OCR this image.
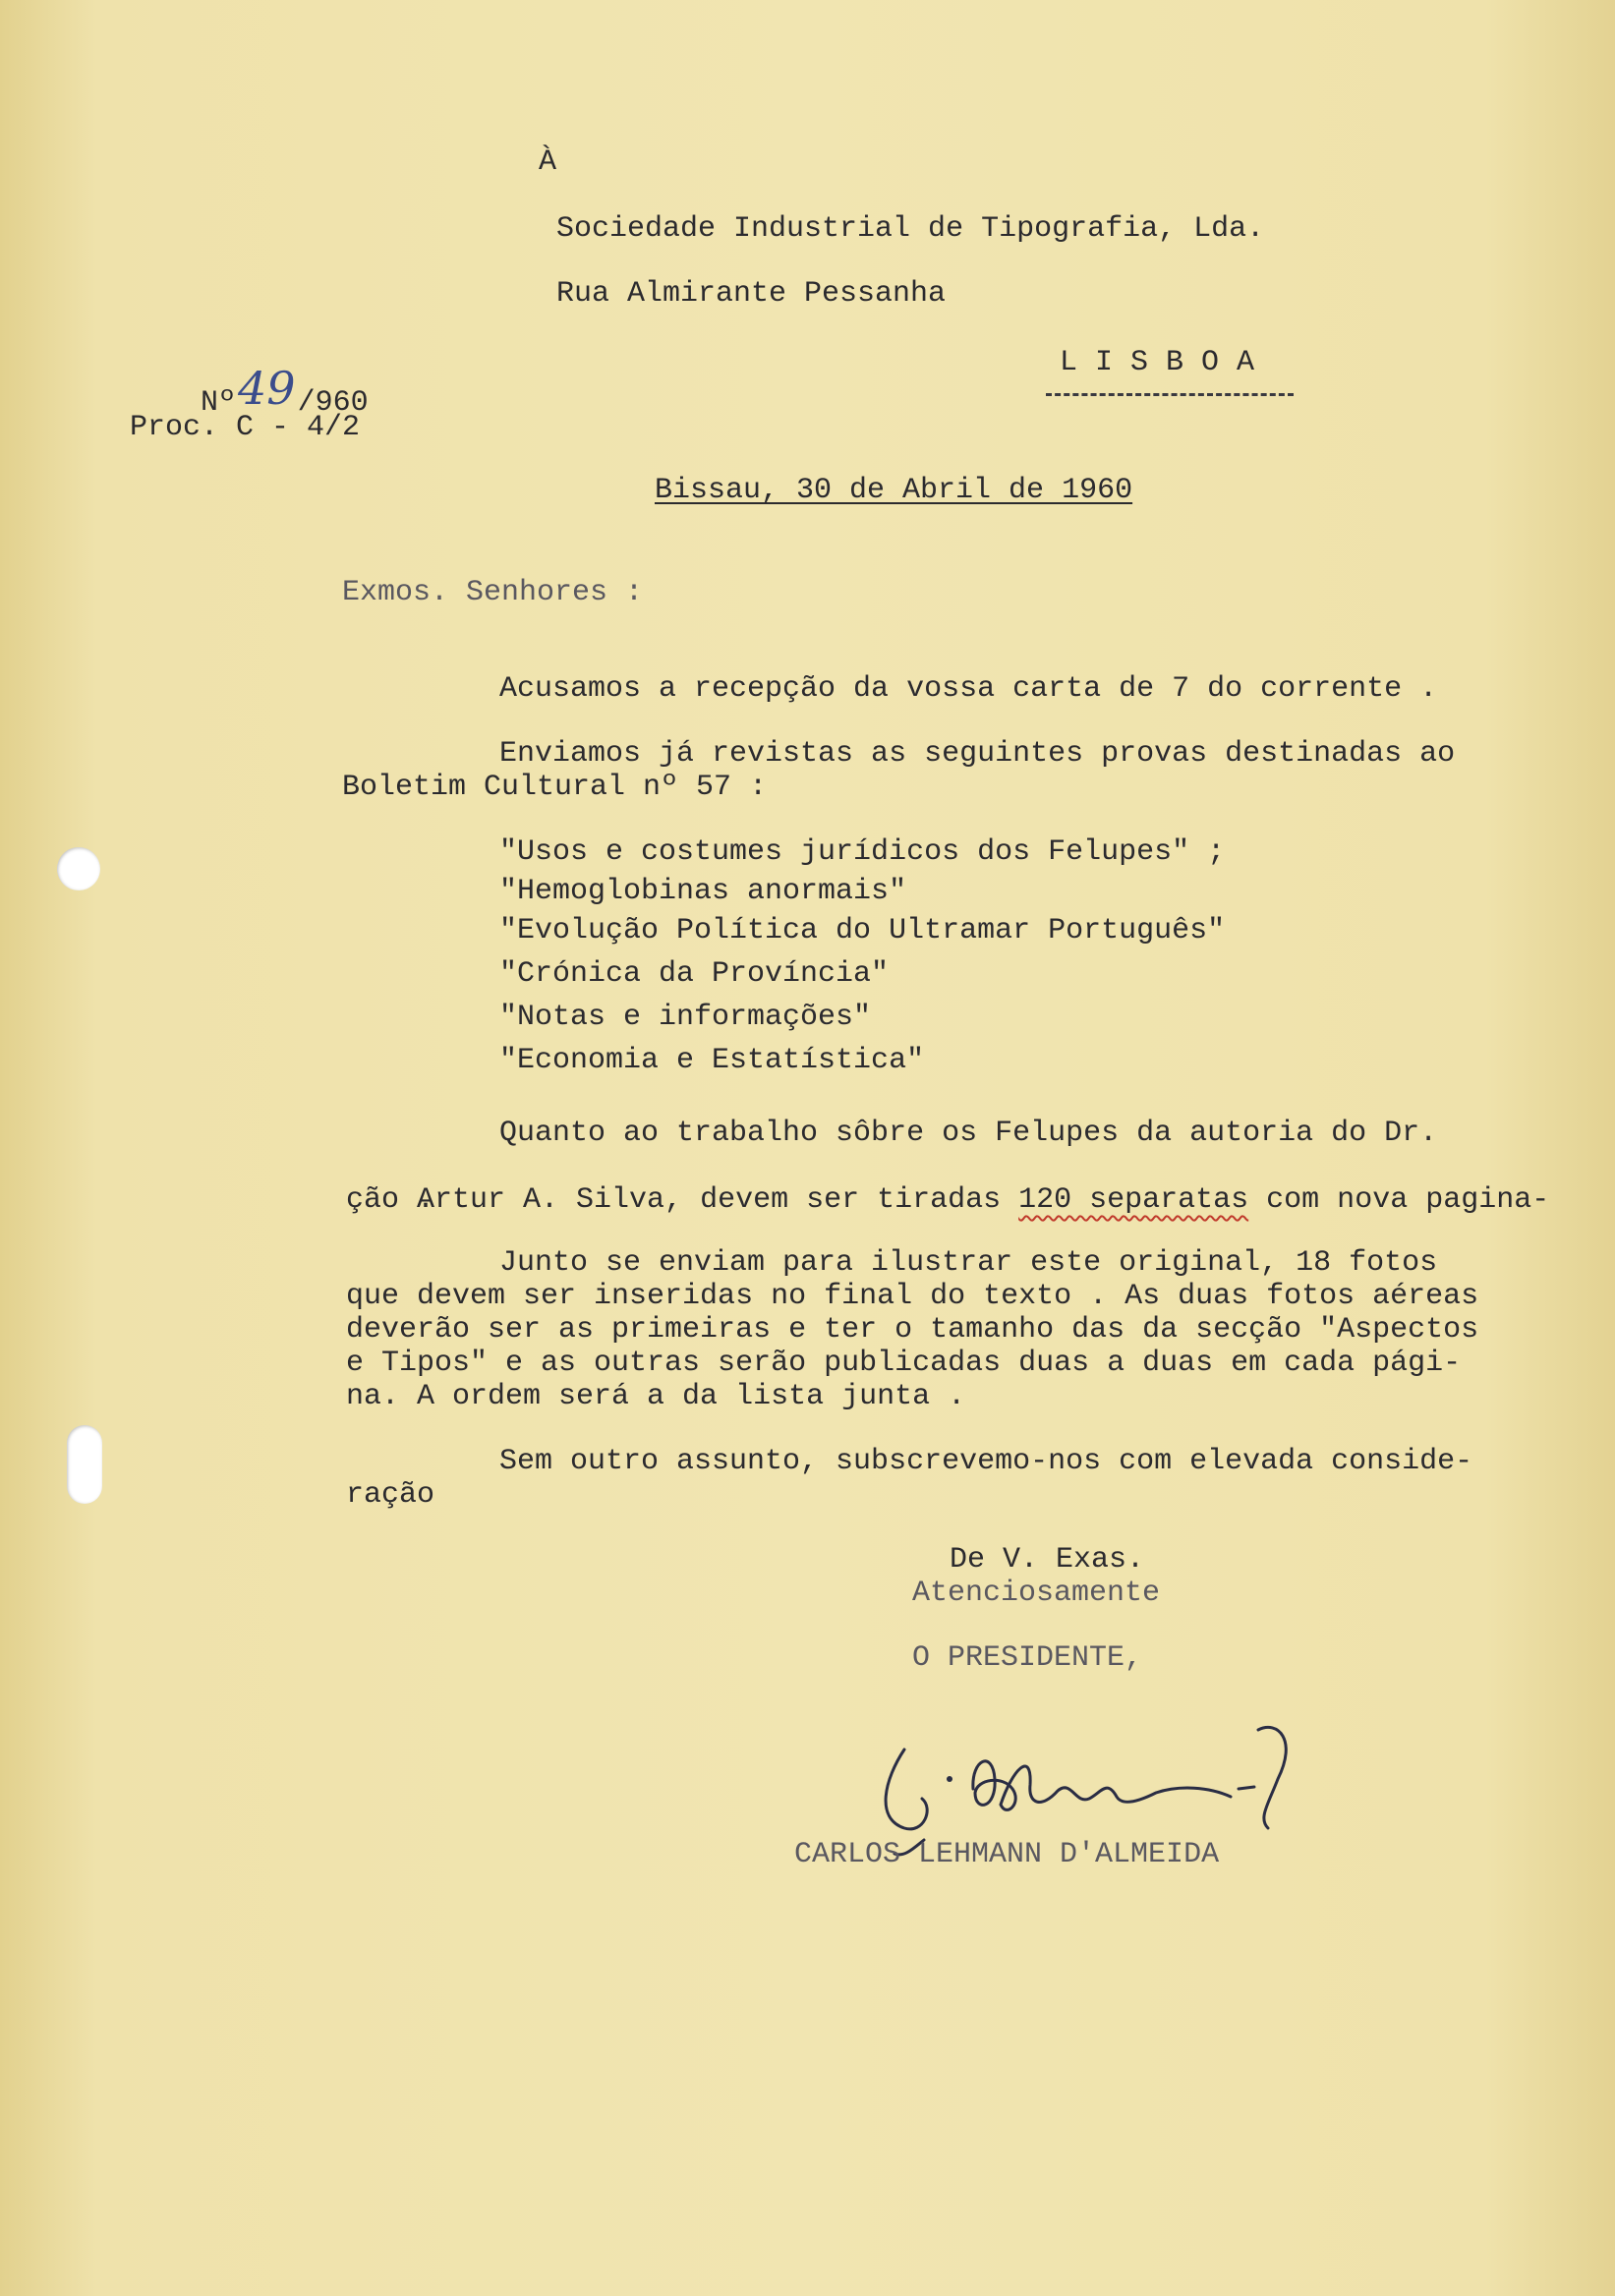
À
Sociedade Industrial de Tipografia, Lda.
Rua Almirante Pessanha
L I S B O A

Nº49/960

Proc. C - 4/2
Bissau, 30 de Abril de 1960
Exmos. Senhores :
Acusamos a recepção da vossa carta de 7 do corrente .
Enviamos já revistas as seguintes provas destinadas ao
Boletim Cultural nº 57 :
"Usos e costumes jurídicos dos Felupes" ;
"Hemoglobinas anormais"
"Evolução Política do Ultramar Português"
"Crónica da Província"
"Notas e informações"
"Economia e Estatística"
Quanto ao trabalho sôbre os Felupes da autoria do Dr.

Artur A. Silva, devem ser tiradas 120 separatas com nova pagina-

ção .
Junto se enviam para ilustrar este original, 18 fotos
que devem ser inseridas no final do texto . As duas fotos aéreas
deverão ser as primeiras e ter o tamanho das da secção "Aspectos
e Tipos" e as outras serão publicadas duas a duas em cada pági-
na. A ordem será a da lista junta .
Sem outro assunto, subscrevemo-nos com elevada conside-
ração
De V. Exas.
Atenciosamente
O PRESIDENTE,
CARLOS LEHMANN D'ALMEIDA
